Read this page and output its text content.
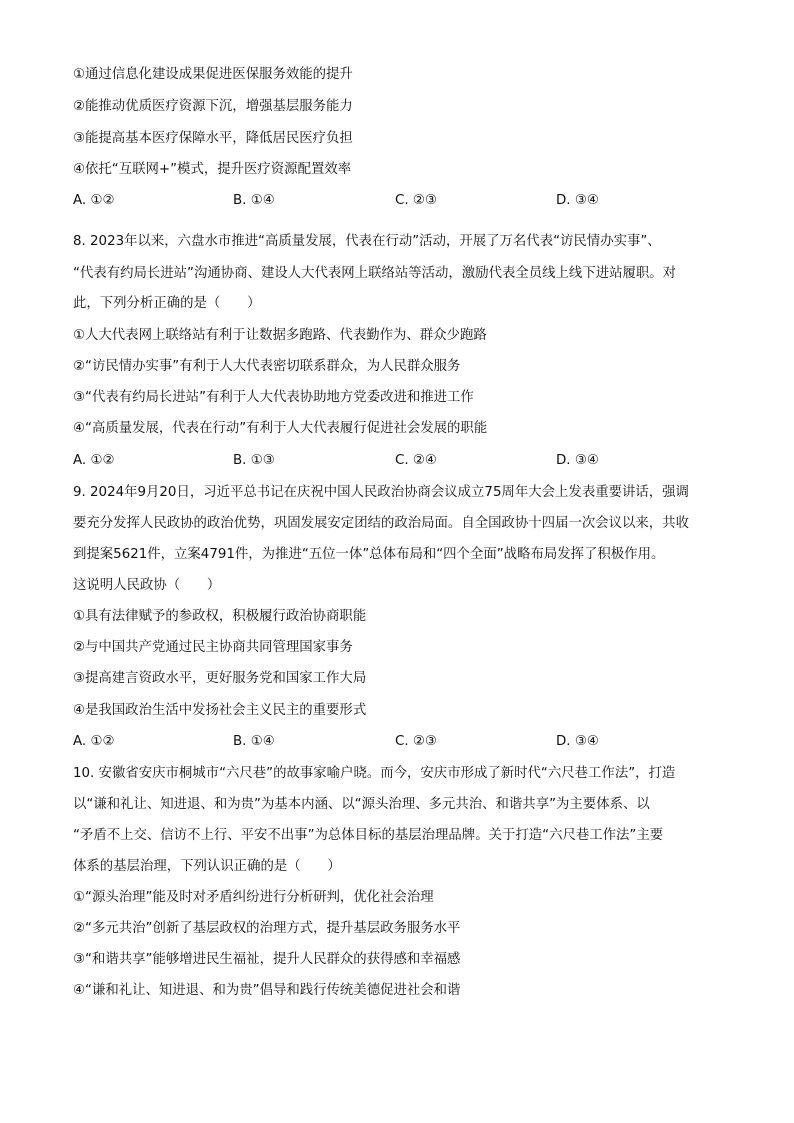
①通过信息化建设成果促进医保服务效能的提升
②能推动优质医疗资源下沉，增强基层服务能力
③能提高基本医疗保障水平，降低居民医疗负担
④依托“互联网+”模式，提升医疗资源配置效率
A. ①②	B. ①④	C. ②③	D. ③④
8. 2023年以来，六盘水市推进“高质量发展，代表在行动”活动，开展了万名代表“访民情办实事”、
“代表有约局长进站”沟通协商、建设人大代表网上联络站等活动，激励代表全员线上线下进站履职。对
此，下列分析正确的是（　　）
①人大代表网上联络站有利于让数据多跑路、代表勤作为、群众少跑路
②“访民情办实事”有利于人大代表密切联系群众，为人民群众服务
③“代表有约局长进站”有利于人大代表协助地方党委改进和推进工作
④“高质量发展，代表在行动”有利于人大代表履行促进社会发展的职能
A. ①②	B. ①③	C. ②④	D. ③④
9. 2024年9月20日，习近平总书记在庆祝中国人民政治协商会议成立75周年大会上发表重要讲话，强调
要充分发挥人民政协的政治优势，巩固发展安定团结的政治局面。自全国政协十四届一次会议以来，共收
到提案5621件，立案4791件，为推进“五位一体”总体布局和“四个全面”战略布局发挥了积极作用。
这说明人民政协（　　）
①具有法律赋予的参政权，积极履行政治协商职能
②与中国共产党通过民主协商共同管理国家事务
③提高建言资政水平，更好服务党和国家工作大局
④是我国政治生活中发扬社会主义民主的重要形式
A. ①②	B. ①④	C. ②③	D. ③④
10. 安徽省安庆市桐城市“六尺巷”的故事家喻户晓。而今，安庆市形成了新时代“六尺巷工作法”，打造
以“谦和礼让、知进退、和为贵”为基本内涵、以“源头治理、多元共治、和谐共享”为主要体系、以
“矛盾不上交、信访不上行、平安不出事”为总体目标的基层治理品牌。关于打造“六尺巷工作法”主要
体系的基层治理，下列认识正确的是（　　）
①“源头治理”能及时对矛盾纠纷进行分析研判，优化社会治理
②“多元共治”创新了基层政权的治理方式，提升基层政务服务水平
③“和谐共享”能够增进民生福祉，提升人民群众的获得感和幸福感
④“谦和礼让、知进退、和为贵”倡导和践行传统美德促进社会和谐
